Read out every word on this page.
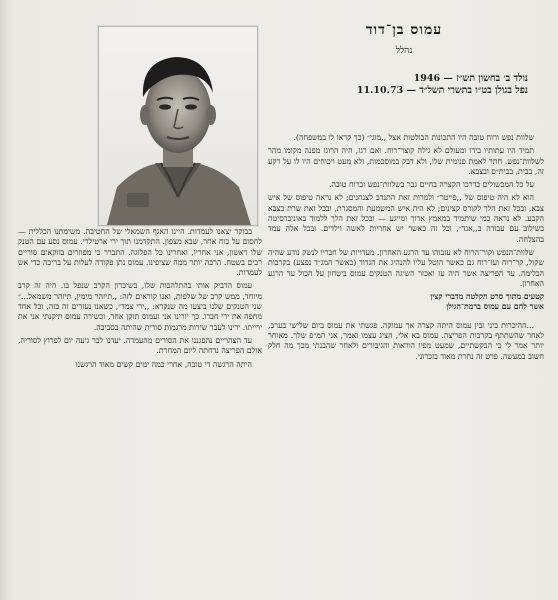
עמוס בן־דוד
נהלל
נולד ב׳ בחשון תש״ז — 1946
נפל בגולן בט״ו בתשרי תשל״ד — 11.10.73

שלוות נפש ורוח טובה היו התכונות הבולטות אצל ,,מוגי״ (כך קראו לו במשפחה).

תמיד היו עתותיו בידו ומעולם לא גילה קוצר־רוח. ואם רגז, היה הרוגז מפנה מקומו מהר לשלוות־נפש. חתר לאמת פנימית שלו, ולא דבק במוסכמות, ולא מעט ויכוחים היו לו על רקע זה, בבית, בבית״ס ובצבא.

על כל המכשולים בדרכו הקצרה בחיים גבר בשלוות־נפש וברוח טובה.

הוא לא היה טיפוס של ,,פייטר״ ולמרות זאת התנדב לצנחנים; לא נראה טיפוס של איש צבא, ובכל זאת הלך לקורס קצינים; לא היה איש המשמעת והמסגרת, ובכל זאת שרת בצבא הקבע. לא נראה כמי שיתמיד במאמץ ארוך ומייגע — ובכל זאת הלך ללמוד באוניברסיטה בשילוב עם עבודה ב,,אגד״, וכל זה כאשר יש אחריות לאשה וילדים. ובכל אלה עמד בהצלחה.

שלוות־הנפש וקור־הרוח לא עזבוהו עד הרגע האחרון. מעדויות של חבריו לנשק נודע שהיה שקול, קר־רוח ועז־רוח גם כאשר הוטל עליו להנהיג את הגדוד (כאשר המג״ד נפצע) בקרבות הבלימה. עד הפריצה אשר היה עז ואכזר השיגה הטנקים עמוס ביטחון על הכול עד הרגע האחרון.

קטעים מתוך סרט הקלטה מדברי קצין
אשר לחם עם עמוס ברמת־הגולן

...ההיכרות ביני ובין עמוס היתה קצרה אך עמוקה. פגשתי את עמוס ביום שלישי בערב, לאחר שהשתתף בקרבות הפריצה. עמוס בא אלי, הציג עצמו ואמר, אני המ״פ שלך. מאוחר יותר אמר לי כי הבקשתיים, שמעט מפיו הוראות והגיבורים ולאחר שהבנתי מכך מה חלק חשוב במעשה. פרט זה נחרת מאוד בזכרוני.

בבוקר יצאנו לעמדות. היינו האגף השמאלי של החטיבה. משימתנו הכללית — לחסום על כוח אחר, שבא מצפון. התקדמנו תוך ירי ארטילרי. עמוס נסע עם הטנק שלו ראשון, אני אחריו, ואחרינו כל הפלוגה. התברר כי מפוזרים בזוקאים סוריים רבים בשטח. הרבה יותר ממה שציפינו. עמוס נתן פקודה לעלות על בריכה כדי אש לעמדות.

עמוס הדביק אותי בהתלהבות שלו, בשיכרון הקרב שנפל בו. היה זה קרב מיוחד, ממש קרב של שלפות, ואנו קוראים לזה: ,,תיזהר מימין, תיזהר משמאל...״ שני הטנקים שלנו ביצעו מה שנקרא: ,,ירי צמד״, כשאנו נעזרים זה בזה, וכל אחד מחפה את ירי חברו. כך יורינו אני ועמוס תוקן אחד, וכשירה עמוס תיקנתי אני את ירייתו. ירינו לעבר שירות מרגמות סורית שהיתה בסביבה.

עד הצהריים נהפגננו את הסורים מהעמדה. יעדנו לבר גיעה יום לפרוץ לסוריה, אולם הפריצה נדחתה ליום המחרת.

היתה הרגשה די טובה, אחרי כמה ימים קשים מאוד הרגשנו
